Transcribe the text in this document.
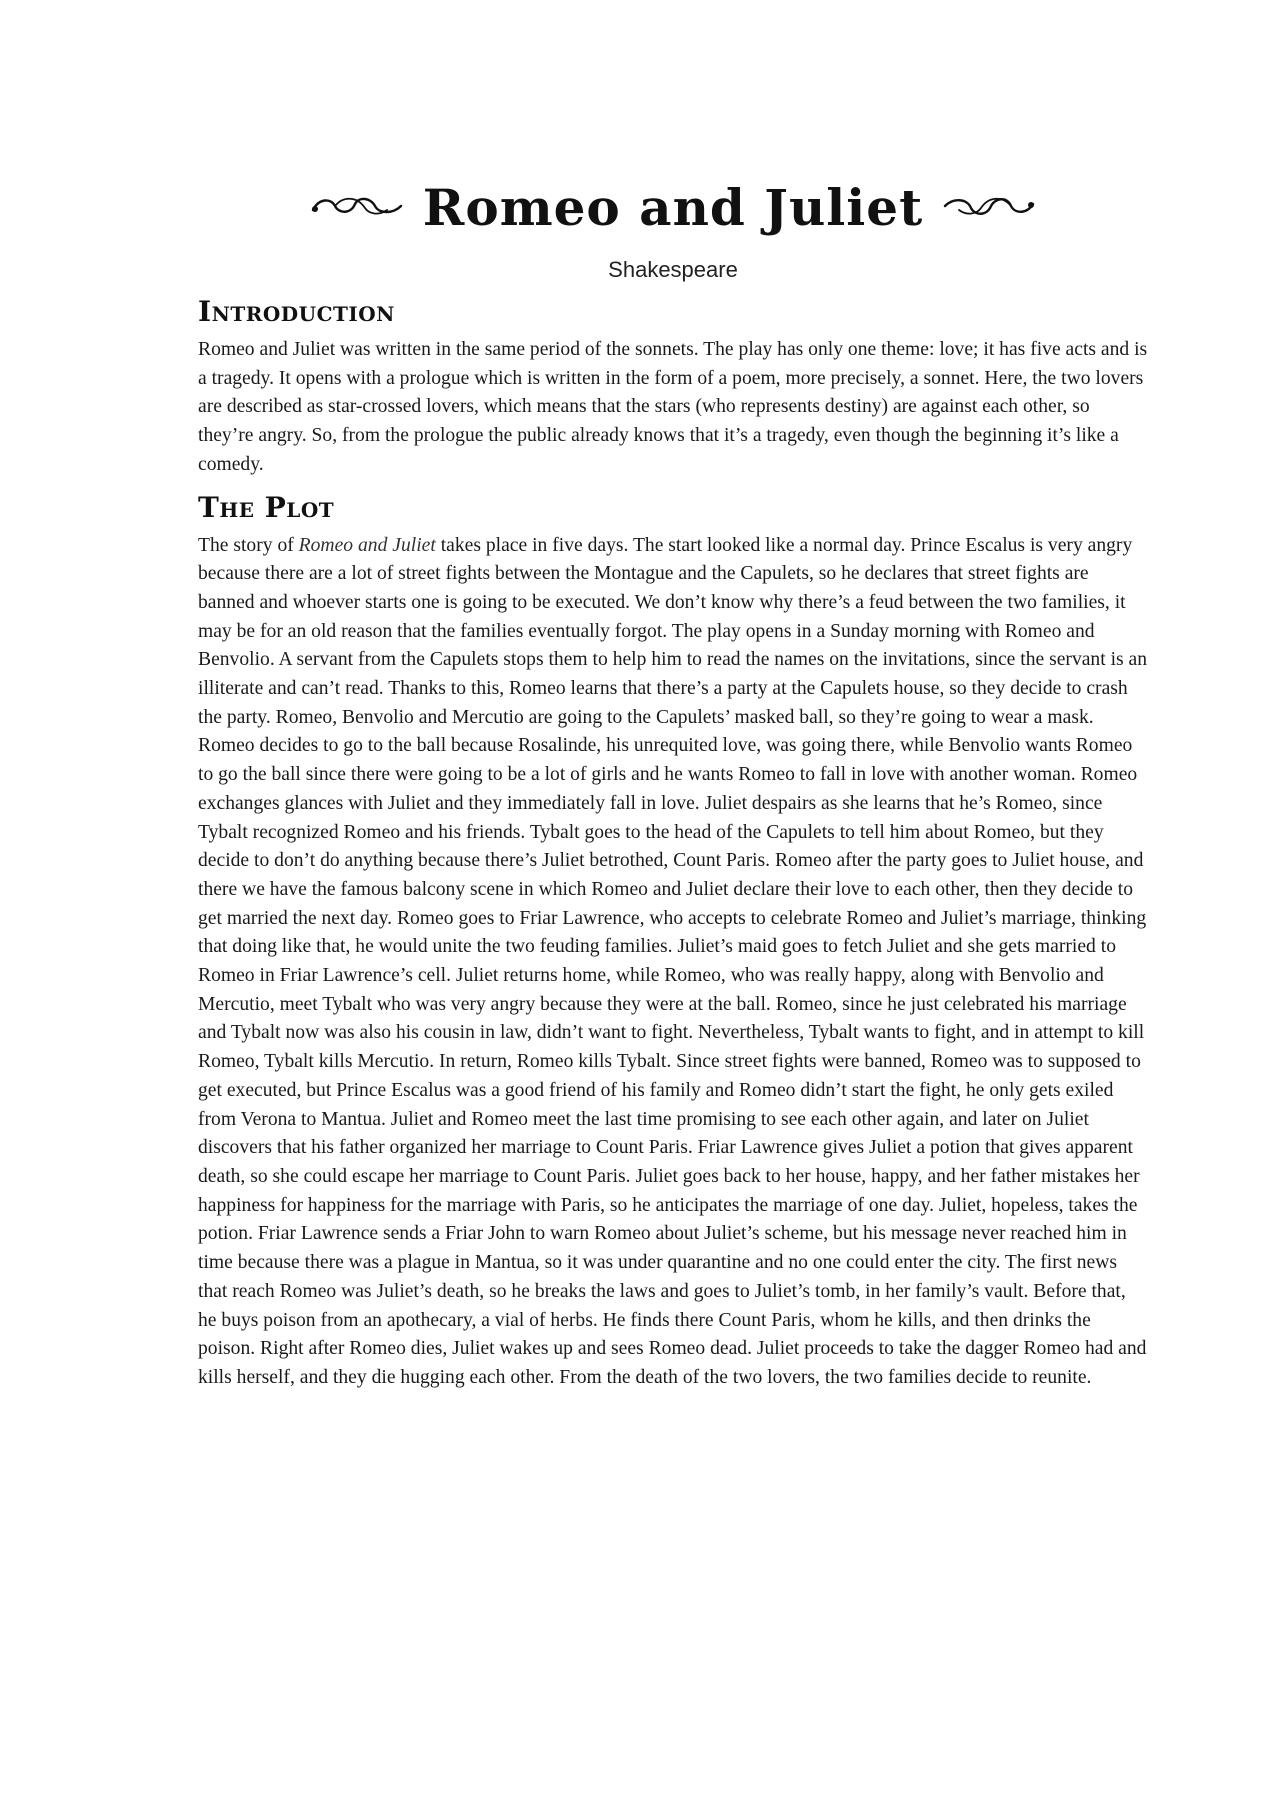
Romeo and Juliet
Shakespeare
Introduction

Romeo and Juliet was written in the same period of the sonnets. The play has only one theme: love; it has five acts and is a tragedy. It opens with a prologue which is written in the form of a poem, more precisely, a sonnet. Here, the two lovers are described as star-crossed lovers, which means that the stars (who represents destiny) are against each other, so they’re angry. So, from the prologue the public already knows that it’s a tragedy, even though the beginning it’s like a comedy.

The Plot

The story of Romeo and Juliet takes place in five days. The start looked like a normal day. Prince Escalus is very angry because there are a lot of street fights between the Montague and the Capulets, so he declares that street fights are banned and whoever starts one is going to be executed. We don’t know why there’s a feud between the two families, it may be for an old reason that the families eventually forgot. The play opens in a Sunday morning with Romeo and Benvolio. A servant from the Capulets stops them to help him to read the names on the invitations, since the servant is an illiterate and can’t read. Thanks to this, Romeo learns that there’s a party at the Capulets house, so they decide to crash the party. Romeo, Benvolio and Mercutio are going to the Capulets’ masked ball, so they’re going to wear a mask. Romeo decides to go to the ball because Rosalinde, his unrequited love, was going there, while Benvolio wants Romeo to go the ball since there were going to be a lot of girls and he wants Romeo to fall in love with another woman. Romeo exchanges glances with Juliet and they immediately fall in love. Juliet despairs as she learns that he’s Romeo, since Tybalt recognized Romeo and his friends. Tybalt goes to the head of the Capulets to tell him about Romeo, but they decide to don’t do anything because there’s Juliet betrothed, Count Paris. Romeo after the party goes to Juliet house, and there we have the famous balcony scene in which Romeo and Juliet declare their love to each other, then they decide to get married the next day. Romeo goes to Friar Lawrence, who accepts to celebrate Romeo and Juliet’s marriage, thinking that doing like that, he would unite the two feuding families. Juliet’s maid goes to fetch Juliet and she gets married to Romeo in Friar Lawrence’s cell. Juliet returns home, while Romeo, who was really happy, along with Benvolio and Mercutio, meet Tybalt who was very angry because they were at the ball. Romeo, since he just celebrated his marriage and Tybalt now was also his cousin in law, didn’t want to fight. Nevertheless, Tybalt wants to fight, and in attempt to kill Romeo, Tybalt kills Mercutio. In return, Romeo kills Tybalt. Since street fights were banned, Romeo was to supposed to get executed, but Prince Escalus was a good friend of his family and Romeo didn’t start the fight, he only gets exiled from Verona to Mantua. Juliet and Romeo meet the last time promising to see each other again, and later on Juliet discovers that his father organized her marriage to Count Paris. Friar Lawrence gives Juliet a potion that gives apparent death, so she could escape her marriage to Count Paris. Juliet goes back to her house, happy, and her father mistakes her happiness for happiness for the marriage with Paris, so he anticipates the marriage of one day. Juliet, hopeless, takes the potion. Friar Lawrence sends a Friar John to warn Romeo about Juliet’s scheme, but his message never reached him in time because there was a plague in Mantua, so it was under quarantine and no one could enter the city. The first news that reach Romeo was Juliet’s death, so he breaks the laws and goes to Juliet’s tomb, in her family’s vault. Before that, he buys poison from an apothecary, a vial of herbs. He finds there Count Paris, whom he kills, and then drinks the poison. Right after Romeo dies, Juliet wakes up and sees Romeo dead. Juliet proceeds to take the dagger Romeo had and kills herself, and they die hugging each other. From the death of the two lovers, the two families decide to reunite.
